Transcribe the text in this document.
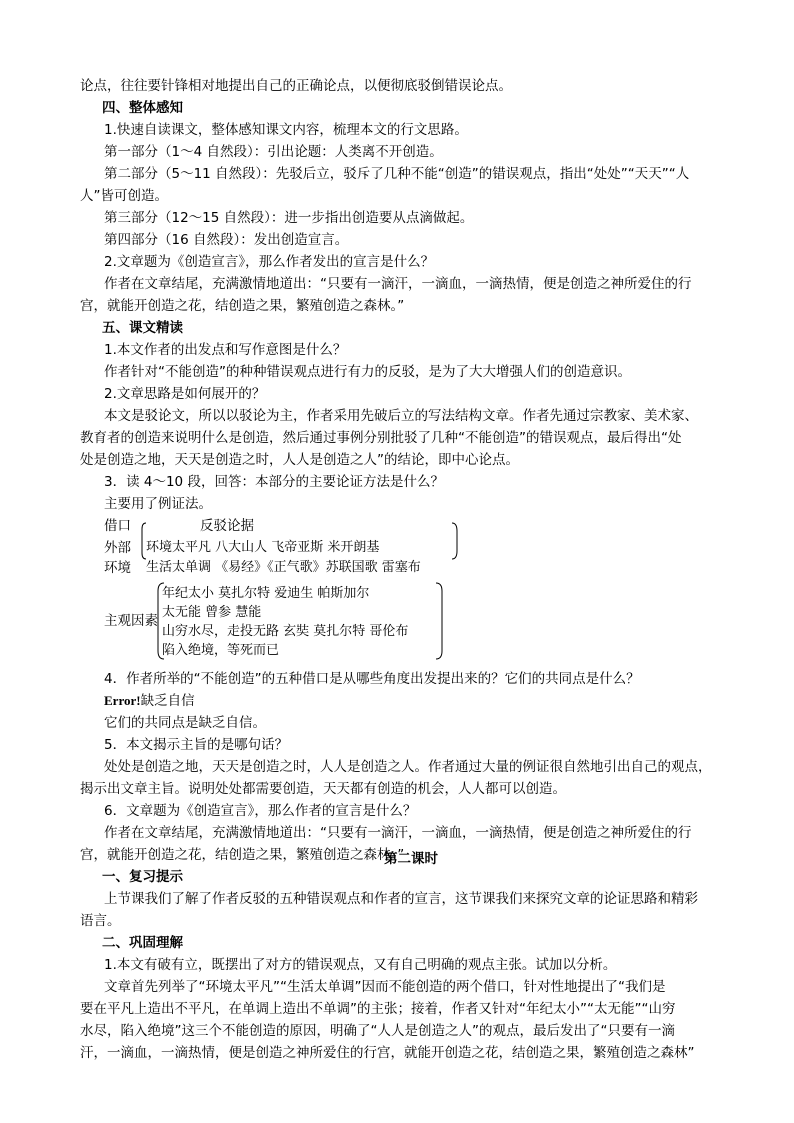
论点，往往要针锋相对地提出自己的正确论点，以便彻底驳倒错误论点。
四、整体感知
1.快速自读课文，整体感知课文内容，梳理本文的行文思路。
第一部分（1～4 自然段）：引出论题：人类离不开创造。
第二部分（5～11 自然段）：先驳后立，驳斥了几种不能“创造”的错误观点，指出“处处”“天天”“人
人”皆可创造。
第三部分（12～15 自然段）：进一步指出创造要从点滴做起。
第四部分（16 自然段）：发出创造宣言。
2.文章题为《创造宣言》，那么作者发出的宣言是什么？
作者在文章结尾，充满激情地道出：“只要有一滴汗，一滴血，一滴热情，便是创造之神所爱住的行
宫，就能开创造之花，结创造之果，繁殖创造之森林。”
五、课文精读
1.本文作者的出发点和写作意图是什么？
作者针对“不能创造”的种种错误观点进行有力的反驳，是为了大大增强人们的创造意识。
2.文章思路是如何展开的？
本文是驳论文，所以以驳论为主，作者采用先破后立的写法结构文章。作者先通过宗教家、美术家、
教育者的创造来说明什么是创造，然后通过事例分别批驳了几种“不能创造”的错误观点，最后得出“处
处是创造之地，天天是创造之时，人人是创造之人”的结论，即中心论点。
3．读 4～10 段，回答：本部分的主要论证方法是什么？
主要用了例证法。
借口	反驳论据
外部
环境
环境太平凡 八大山人 飞帝亚斯 米开朗基
生活太单调 《易经》《正气歌》苏联国歌 雷塞布
主观因素
年纪太小 莫扎尔特 爱迪生 帕斯加尔
太无能 曾参 慧能
山穷水尽，走投无路 玄奘 莫扎尔特 哥伦布
陷入绝境，等死而已
4．作者所举的“不能创造”的五种借口是从哪些角度出发提出来的？它们的共同点是什么？
Error!缺乏自信
它们的共同点是缺乏自信。
5．本文揭示主旨的是哪句话？
处处是创造之地，天天是创造之时，人人是创造之人。作者通过大量的例证很自然地引出自己的观点，
揭示出文章主旨。说明处处都需要创造，天天都有创造的机会，人人都可以创造。
6．文章题为《创造宣言》，那么作者的宣言是什么？
作者在文章结尾，充满激情地道出：“只要有一滴汗，一滴血，一滴热情，便是创造之神所爱住的行
宫，就能开创造之花，结创造之果，繁殖创造之森林。”
第二课时
一、复习提示
上节课我们了解了作者反驳的五种错误观点和作者的宣言，这节课我们来探究文章的论证思路和精彩
语言。
二、巩固理解
1.本文有破有立，既摆出了对方的错误观点，又有自己明确的观点主张。试加以分析。
文章首先列举了“环境太平凡”“生活太单调”因而不能创造的两个借口，针对性地提出了“我们是
要在平凡上造出不平凡，在单调上造出不单调”的主张；接着，作者又针对“年纪太小”“太无能”“山穷
水尽，陷入绝境”这三个不能创造的原因，明确了“人人是创造之人”的观点，最后发出了“只要有一滴
汗，一滴血，一滴热情，便是创造之神所爱住的行宫，就能开创造之花，结创造之果，繁殖创造之森林”
